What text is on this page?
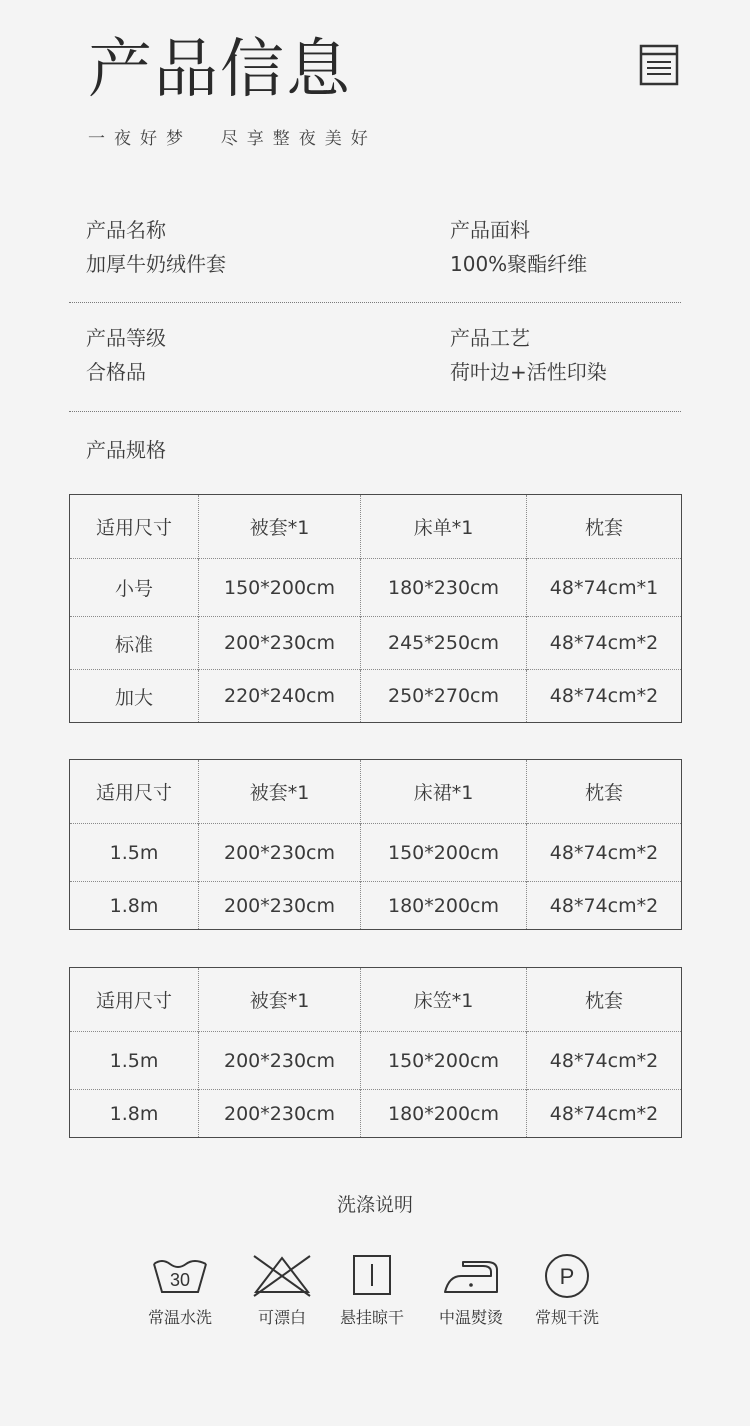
产品信息
一夜好梦  尽享整夜美好
产品名称
加厚牛奶绒件套
产品面料
100%聚酯纤维
产品等级
合格品
产品工艺
荷叶边+活性印染
产品规格
适用尺寸	被套*1	床单*1	枕套
小号	150*200cm	180*230cm	48*74cm*1
标准	200*230cm	245*250cm	48*74cm*2
加大	220*240cm	250*270cm	48*74cm*2
适用尺寸	被套*1	床裙*1	枕套
1.5m	200*230cm	150*200cm	48*74cm*2
1.8m	200*230cm	180*200cm	48*74cm*2
适用尺寸	被套*1	床笠*1	枕套
1.5m	200*230cm	150*200cm	48*74cm*2
1.8m	200*230cm	180*200cm	48*74cm*2
洗涤说明
30
常温水洗	可漂白	悬挂晾干	中温熨烫
P
常规干洗
